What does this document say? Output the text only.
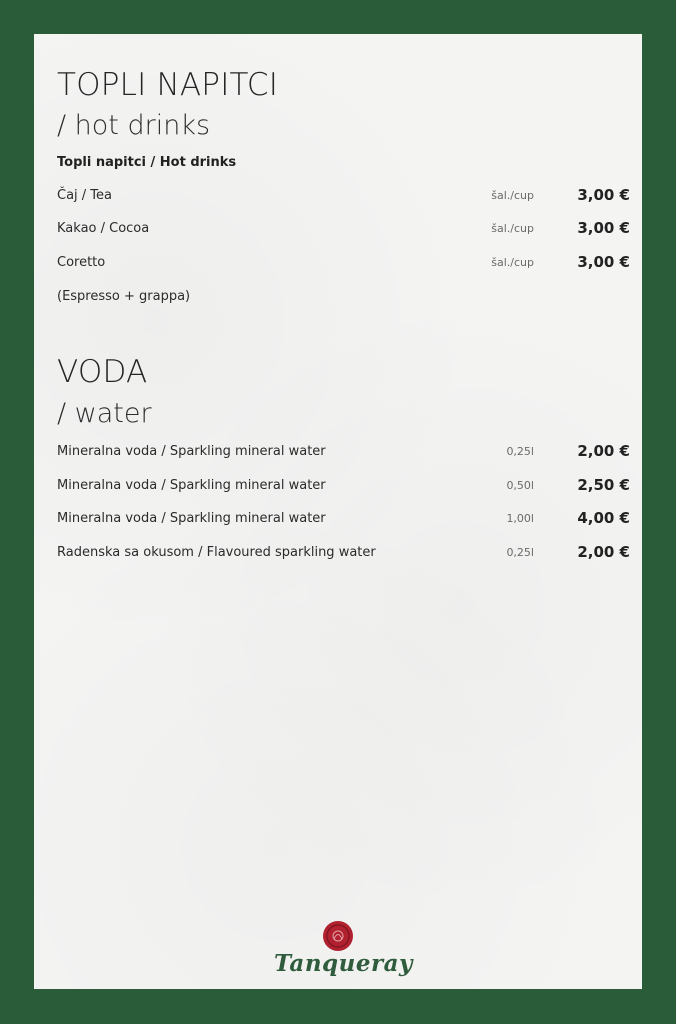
TOPLI NAPITCI
/ hot drinks
Topli napitci / Hot drinks
Čaj / Tea	šal./cup	3,00 €
Kakao / Cocoa	šal./cup	3,00 €
Coretto	šal./cup	3,00 €
(Espresso + grappa)
VODA
/ water
Mineralna voda / Sparkling mineral water	0,25l	2,00 €
Mineralna voda / Sparkling mineral water	0,50l	2,50 €
Mineralna voda / Sparkling mineral water	1,00l	4,00 €
Radenska sa okusom / Flavoured sparkling water	0,25l	2,00 €
Tanqueray
